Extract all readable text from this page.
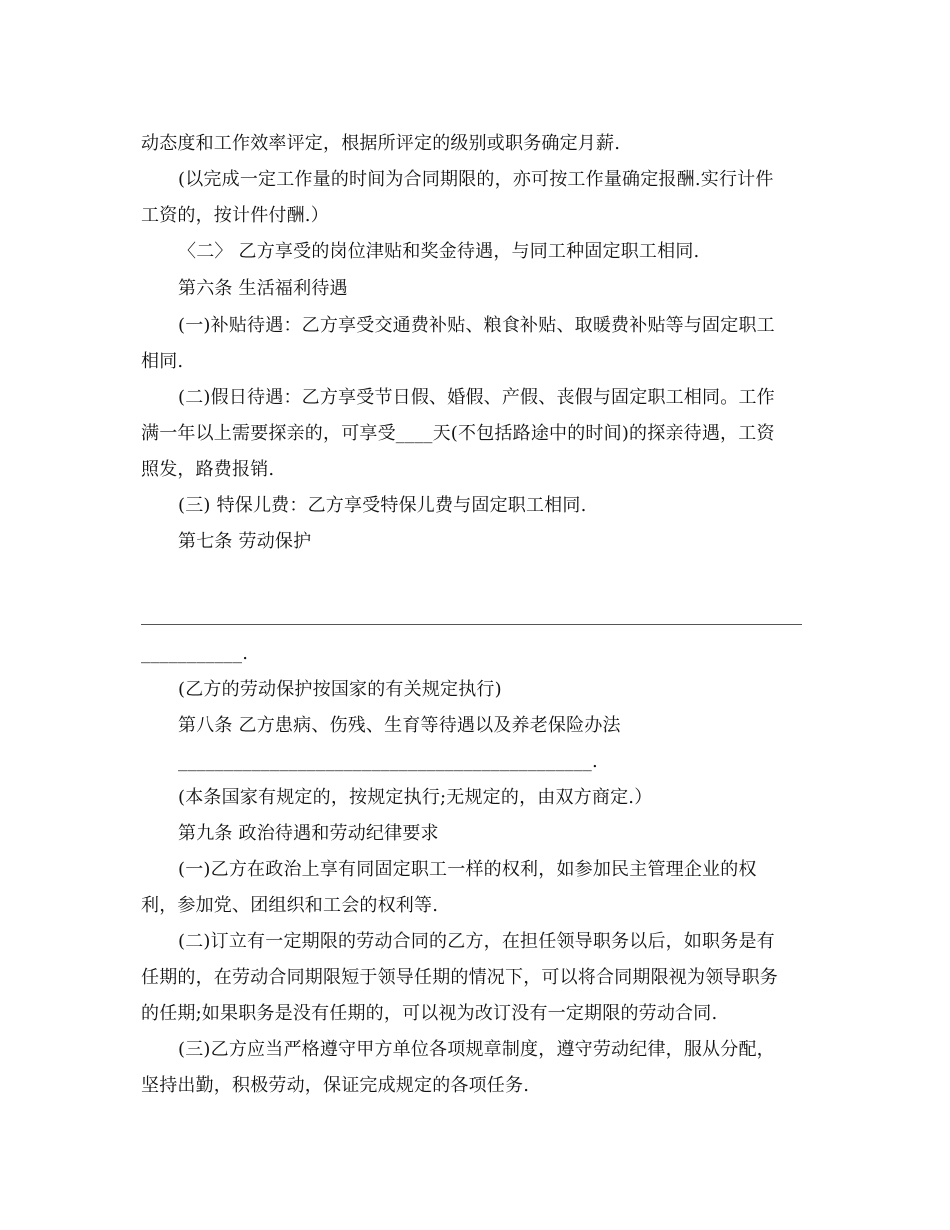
动态度和工作效率评定，根据所评定的级别或职务确定月薪.
(以完成一定工作量的时间为合同期限的，亦可按工作量确定报酬.实行计件
工资的，按计件付酬.）
〈二〉 乙方享受的岗位津贴和奖金待遇，与同工种固定职工相同.
第六条 生活福利待遇
(一)补贴待遇：乙方享受交通费补贴、粮食补贴、取暖费补贴等与固定职工
相同.
(二)假日待遇：乙方享受节日假、婚假、产假、丧假与固定职工相同。工作
满一年以上需要探亲的，可享受____天(不包括路途中的时间)的探亲待遇，工资
照发，路费报销.
(三) 特保儿费：乙方享受特保儿费与固定职工相同.
第七条 劳动保护
___________.
(乙方的劳动保护按国家的有关规定执行)
第八条 乙方患病、伤残、生育等待遇以及养老保险办法
_____________________________________________.
(本条国家有规定的，按规定执行;无规定的，由双方商定.）
第九条 政治待遇和劳动纪律要求
(一)乙方在政治上享有同固定职工一样的权利，如参加民主管理企业的权
利，参加党、团组织和工会的权利等.
(二)订立有一定期限的劳动合同的乙方，在担任领导职务以后，如职务是有
任期的，在劳动合同期限短于领导任期的情况下，可以将合同期限视为领导职务
的任期;如果职务是没有任期的，可以视为改订没有一定期限的劳动合同.
(三)乙方应当严格遵守甲方单位各项规章制度，遵守劳动纪律，服从分配，
坚持出勤，积极劳动，保证完成规定的各项任务.
